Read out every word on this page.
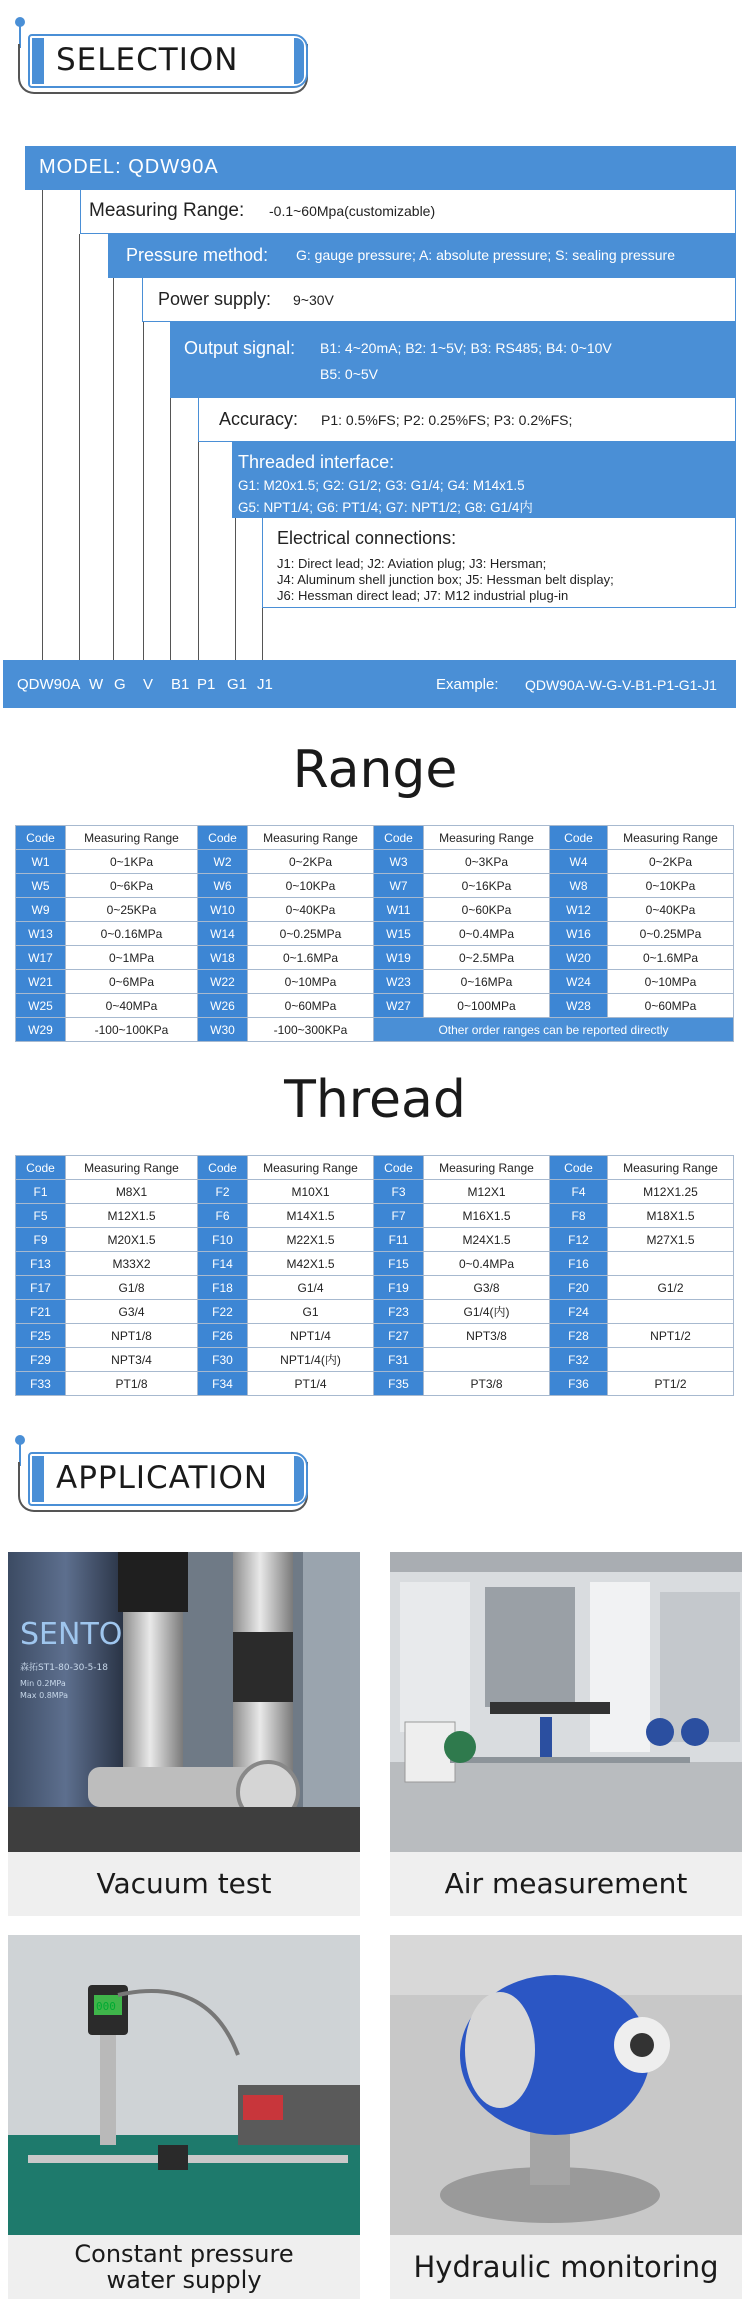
SELECTION
MODEL: QDW90A
Measuring Range: -0.1~60Mpa(customizable)
Pressure method: G: gauge pressure; A: absolute pressure; S: sealing pressure
Power supply: 9~30V
Output signal: B1: 4~20mA; B2: 1~5V; B3: RS485; B4: 0~10V
B5: 0~5V
Accuracy: P1: 0.5%FS; P2: 0.25%FS; P3: 0.2%FS;
Threaded interface:
G1: M20x1.5; G2: G1/2; G3: G1/4; G4: M14x1.5
G5: NPT1/4; G6: PT1/4; G7: NPT1/2; G8: G1/4内
Electrical connections:
J1: Direct lead; J2: Aviation plug; J3: Hersman;
J4: Aluminum shell junction box; J5: Hessman belt display;
J6: Hessman direct lead; J7: M12 industrial plug-in
QDW90A W G V B1 P1 G1 J1	Example: QDW90A-W-G-V-B1-P1-G1-J1
Range
Code	Measuring Range	Code	Measuring Range	Code	Measuring Range	Code	Measuring Range
W1	0~1KPa	W2	0~2KPa	W3	0~3KPa	W4	0~2KPa
W5	0~6KPa	W6	0~10KPa	W7	0~16KPa	W8	0~10KPa
W9	0~25KPa	W10	0~40KPa	W11	0~60KPa	W12	0~40KPa
W13	0~0.16MPa	W14	0~0.25MPa	W15	0~0.4MPa	W16	0~0.25MPa
W17	0~1MPa	W18	0~1.6MPa	W19	0~2.5MPa	W20	0~1.6MPa
W21	0~6MPa	W22	0~10MPa	W23	0~16MPa	W24	0~10MPa
W25	0~40MPa	W26	0~60MPa	W27	0~100MPa	W28	0~60MPa
W29	-100~100KPa	W30	-100~300KPa	Other order ranges can be reported directly			
Thread
Code	Measuring Range	Code	Measuring Range	Code	Measuring Range	Code	Measuring Range
F1	M8X1	F2	M10X1	F3	M12X1	F4	M12X1.25
F5	M12X1.5	F6	M14X1.5	F7	M16X1.5	F8	M18X1.5
F9	M20X1.5	F10	M22X1.5	F11	M24X1.5	F12	M27X1.5
F13	M33X2	F14	M42X1.5	F15	0~0.4MPa	F16	
F17	G1/8	F18	G1/4	F19	G3/8	F20	G1/2
F21	G3/4	F22	G1	F23	G1/4(内)	F24	
F25	NPT1/8	F26	NPT1/4	F27	NPT3/8	F28	NPT1/2
F29	NPT3/4	F30	NPT1/4(内)	F31		F32	
F33	PT1/8	F34	PT1/4	F35	PT3/8	F36	PT1/2
APPLICATION
SENTO
森拓ST1-80-30-5-18
Min 0.2MPa
Max 0.8MPa
Vacuum test	Air measurement
000
Constant pressure
water supply	Hydraulic monitoring
